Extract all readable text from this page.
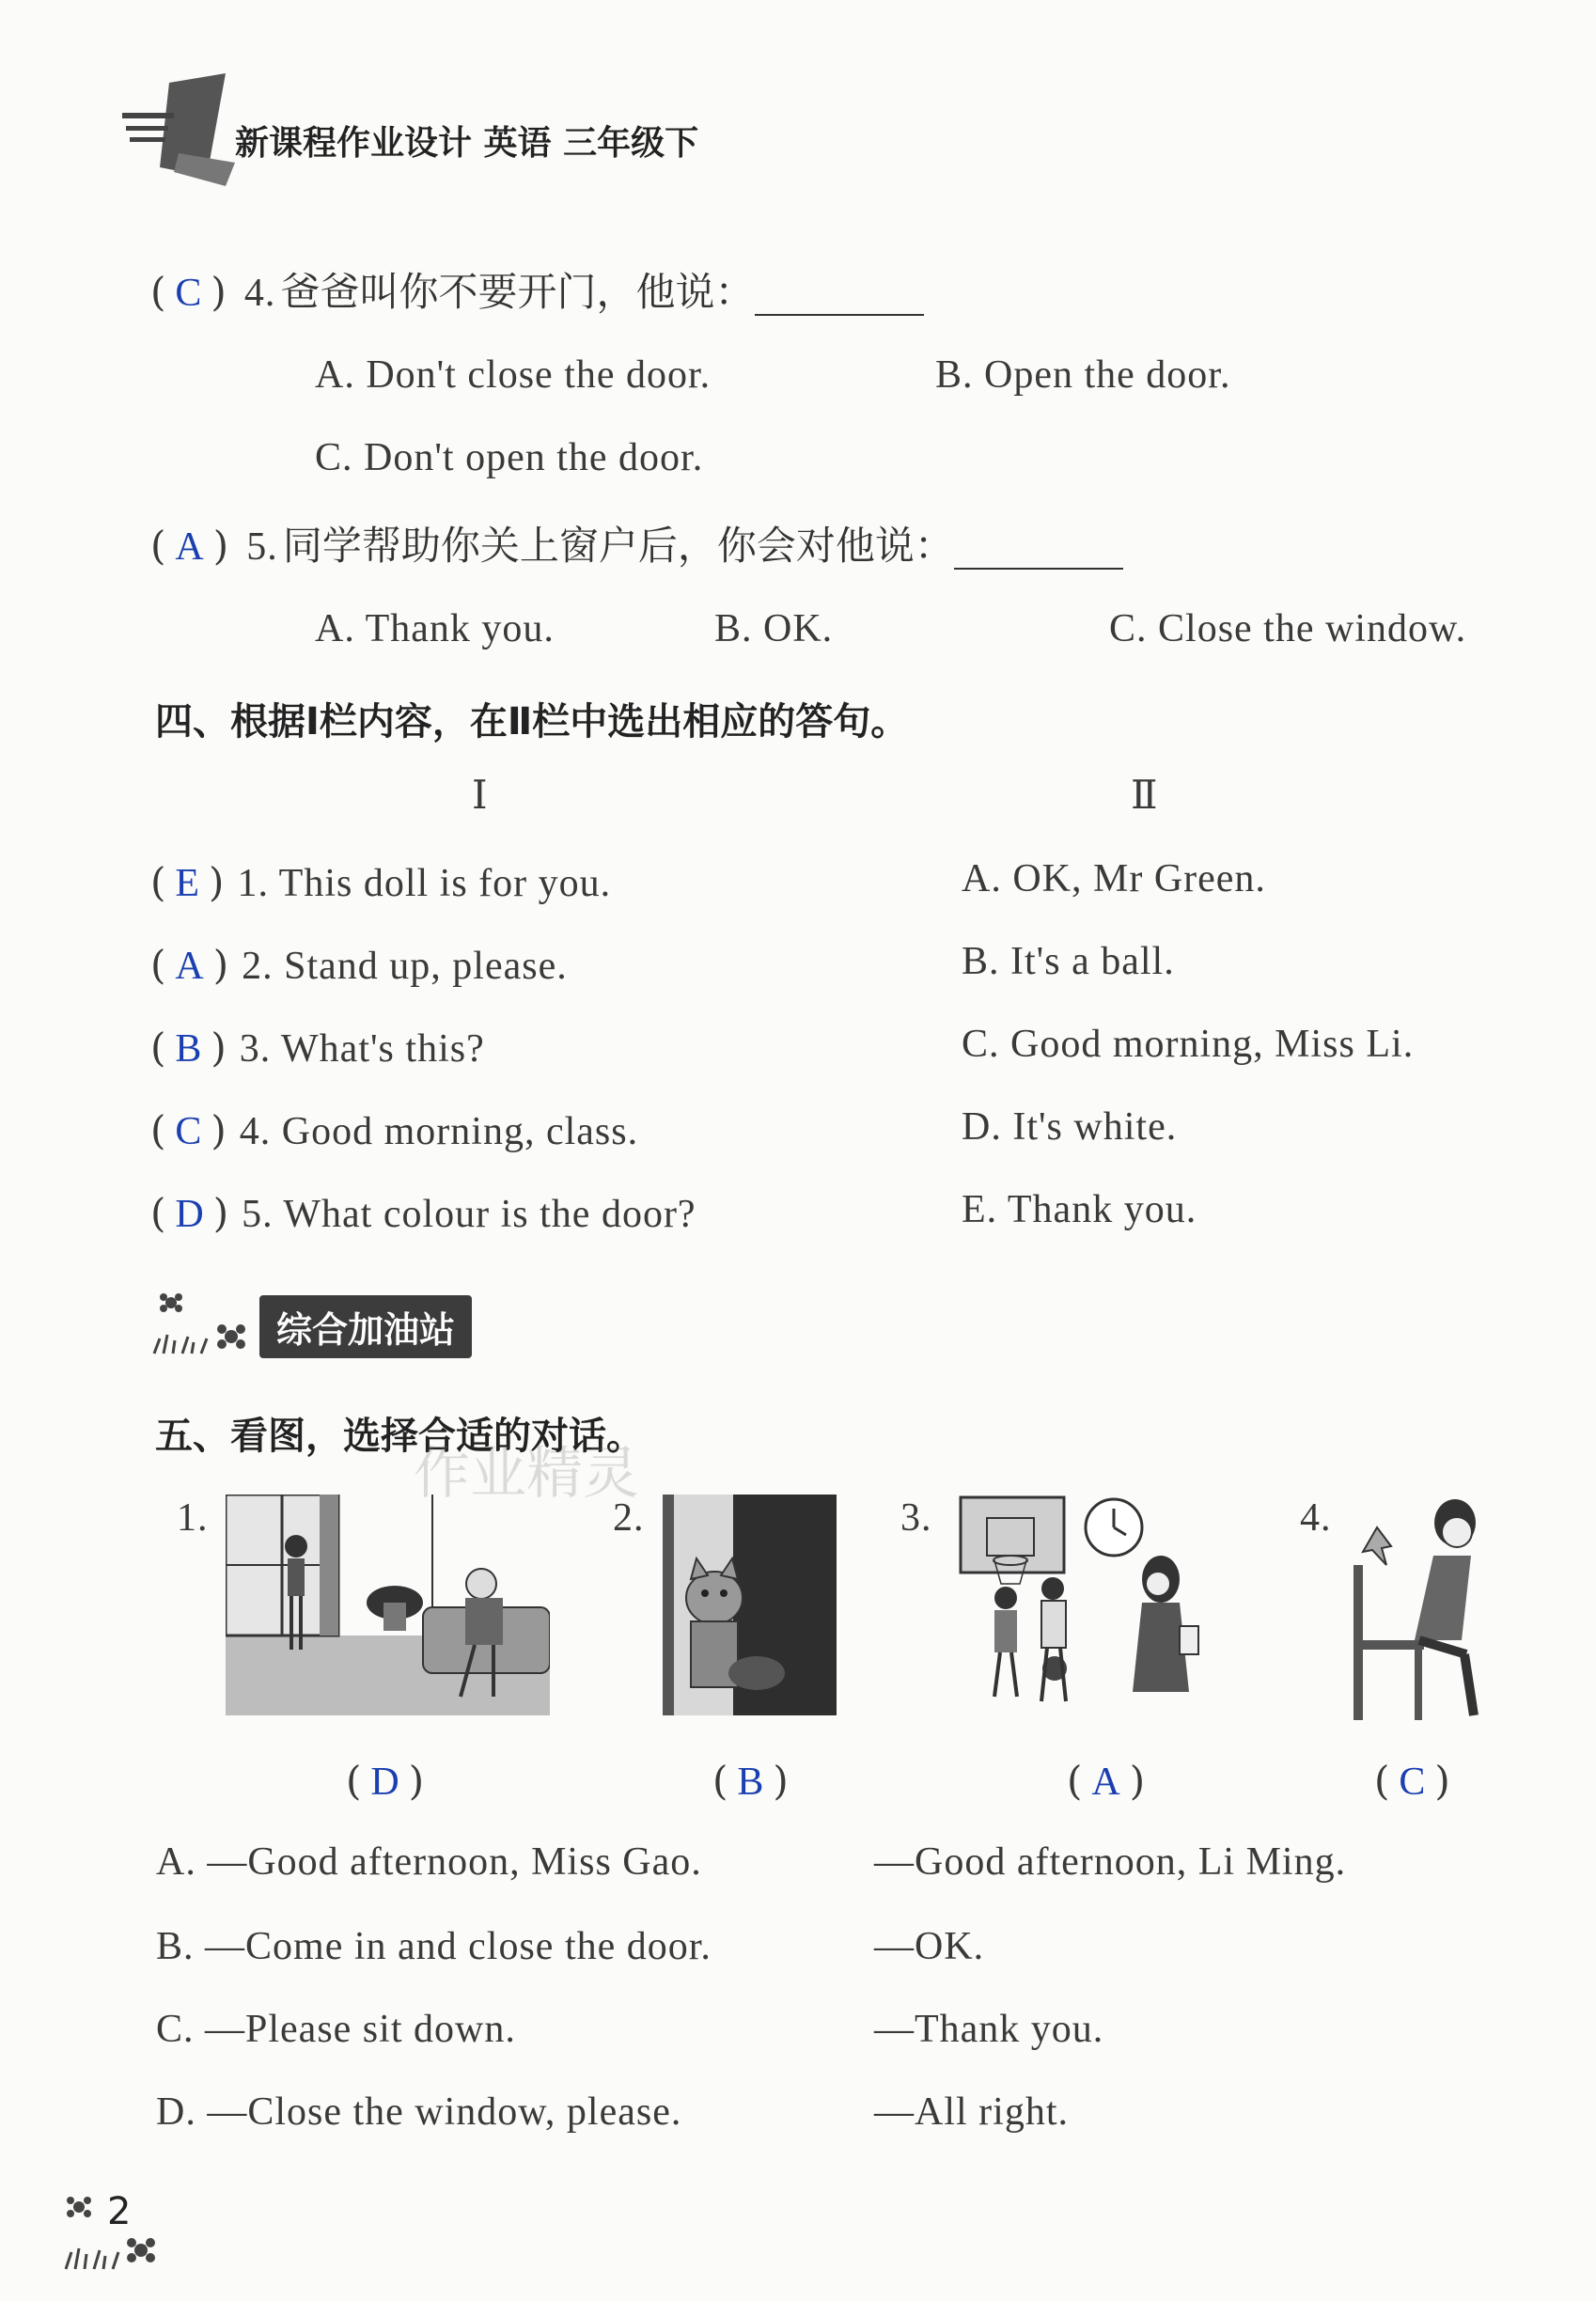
新课程作业设计 英语 三年级下
( C ) 4. 爸爸叫你不要开门，他说：
A. Don't close the door.	B. Open the door.
C. Don't open the door.
( A ) 5. 同学帮助你关上窗户后，你会对他说：
A. Thank you.	B. OK.	C. Close the window.
四、根据Ⅰ栏内容，在Ⅱ栏中选出相应的答句。
Ⅰ	Ⅱ
( E ) 1. This doll is for you.	A. OK, Mr Green.
( A ) 2. Stand up, please.	B. It's a ball.
( B ) 3. What's this?	C. Good morning, Miss Li.
( C ) 4. Good morning, class.	D. It's white.
( D ) 5. What colour is the door?	E. Thank you.
综合加油站
五、看图，选择合适的对话。
作业精灵
1.	2.	3.	4.
( D )	( B )	( A )	( C )
A. —Good afternoon, Miss Gao.	—Good afternoon, Li Ming.
B. —Come in and close the door.	—OK.
C. —Please sit down.	—Thank you.
D. —Close the window, please.	—All right.
2
